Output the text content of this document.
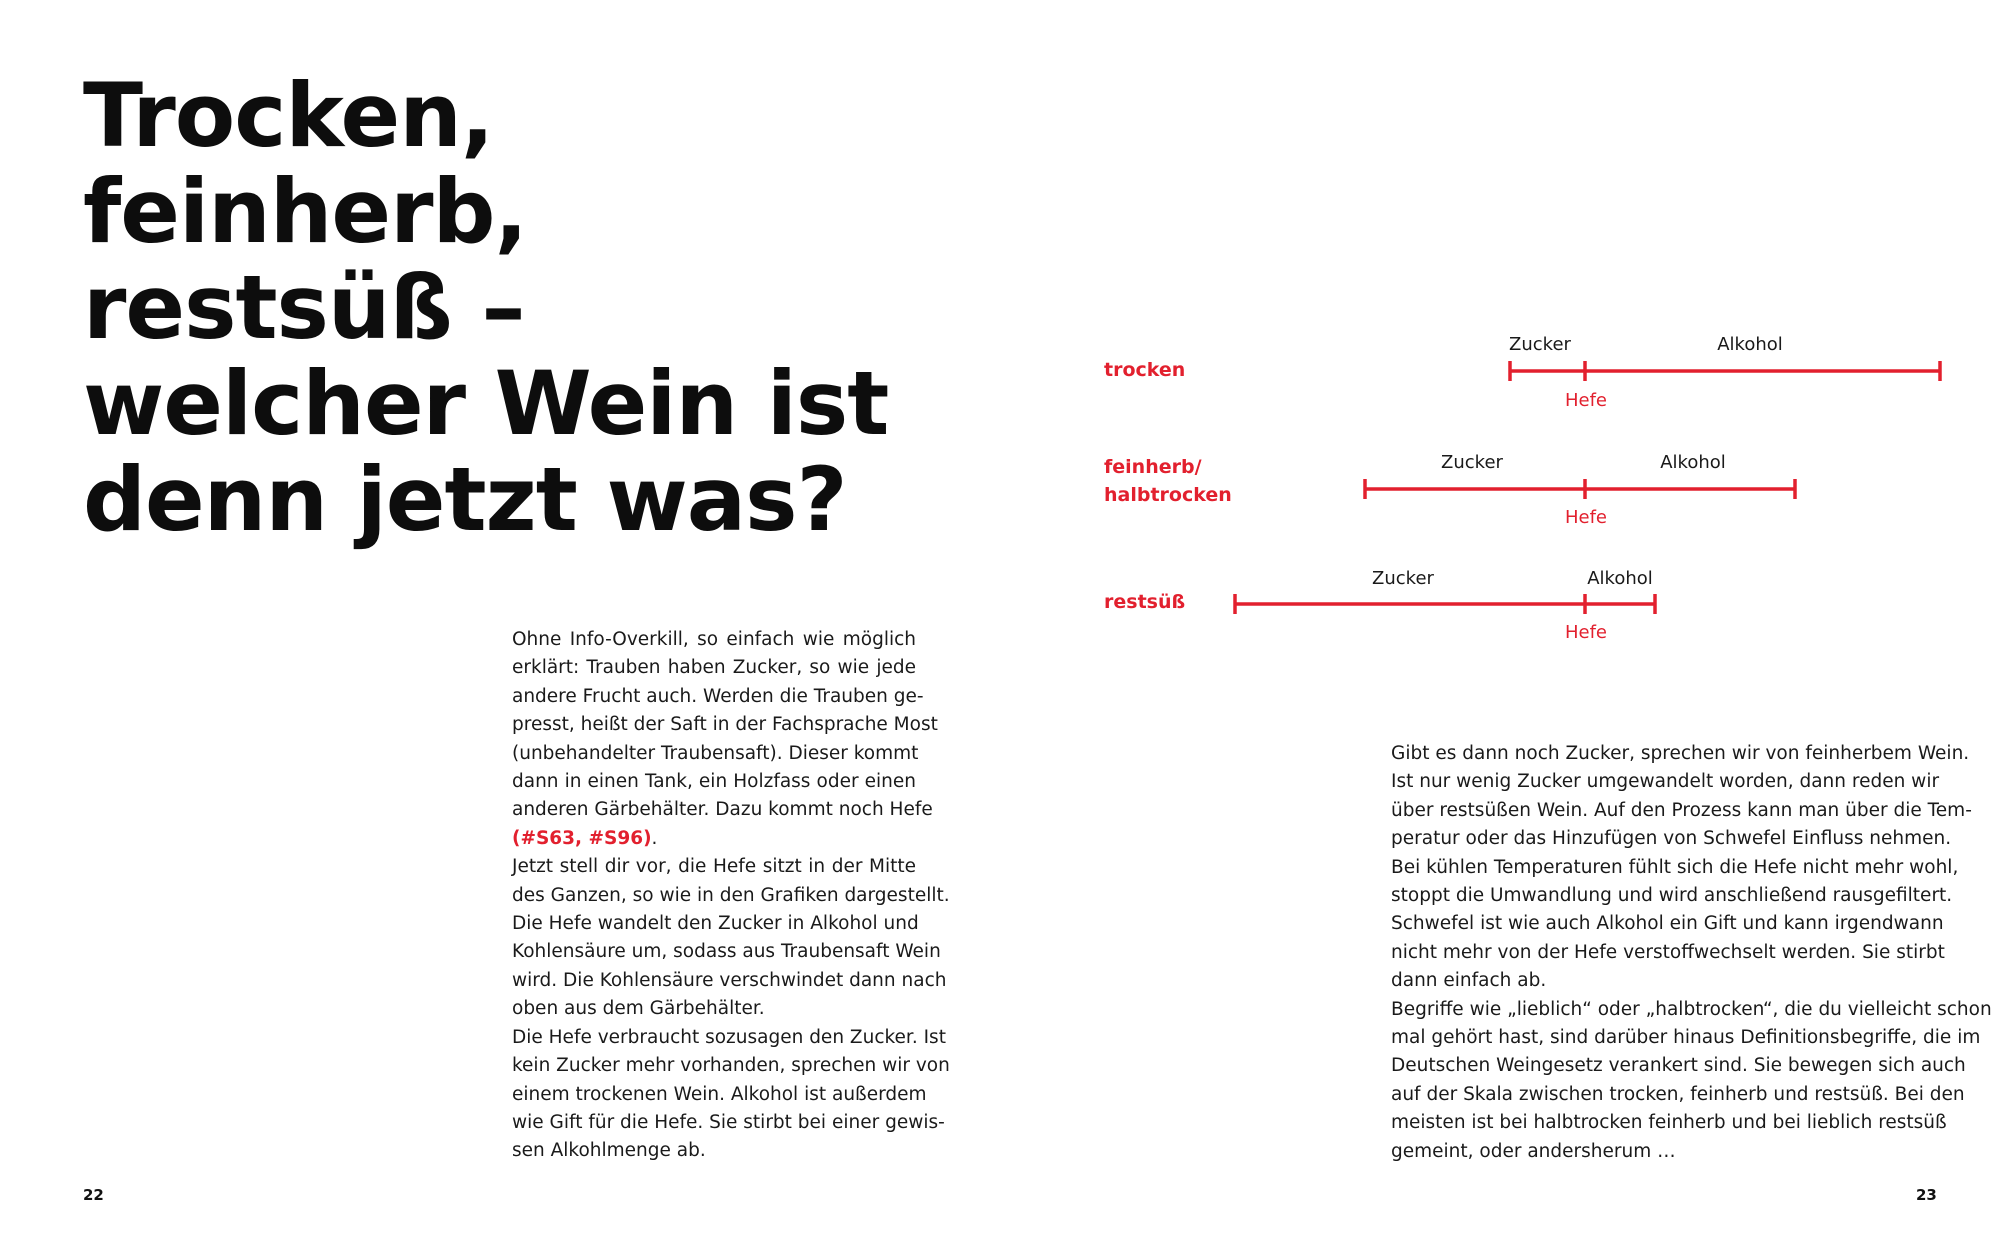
Trocken, feinherb,
restsüß –
welcher Wein ist
denn jetzt was?
trocken
Zucker	Alkohol
Hefe
feinherb/
halbtrocken
Zucker	Alkohol
Hefe
restsüß
Zucker	Alkohol
Hefe

Ohne Info-Overkill, so einfach wie möglich
erklärt: Trauben haben Zucker, so wie jede
andere Frucht auch. Werden die Trauben ge-
presst, heißt der Saft in der Fachsprache Most
(unbehandelter Traubensaft). Dieser kommt
dann in einen Tank, ein Holzfass oder einen
anderen Gärbehälter. Dazu kommt noch Hefe
(#S63, #S96).

Jetzt stell dir vor, die Hefe sitzt in der Mitte
des Ganzen, so wie in den Grafiken dargestellt.
Die Hefe wandelt den Zucker in Alkohol und
Kohlensäure um, sodass aus Traubensaft Wein
wird. Die Kohlensäure verschwindet dann nach
oben aus dem Gärbehälter.

Die Hefe verbraucht sozusagen den Zucker. Ist
kein Zucker mehr vorhanden, sprechen wir von
einem trockenen Wein. Alkohol ist außerdem
wie Gift für die Hefe. Sie stirbt bei einer gewis-
sen Alkohlmenge ab.

Gibt es dann noch Zucker, sprechen wir von feinherbem Wein.
Ist nur wenig Zucker umgewandelt worden, dann reden wir
über restsüßen Wein. Auf den Prozess kann man über die Tem-
peratur oder das Hinzufügen von Schwefel Einfluss nehmen.
Bei kühlen Temperaturen fühlt sich die Hefe nicht mehr wohl,
stoppt die Umwandlung und wird anschließend rausgefiltert.
Schwefel ist wie auch Alkohol ein Gift und kann irgendwann
nicht mehr von der Hefe verstoffwechselt werden. Sie stirbt
dann einfach ab.

Begriffe wie „lieblich“ oder „halbtrocken“, die du vielleicht schon
mal gehört hast, sind darüber hinaus Definitionsbegriffe, die im
Deutschen Weingesetz verankert sind. Sie bewegen sich auch
auf der Skala zwischen trocken, feinherb und restsüß. Bei den
meisten ist bei halbtrocken feinherb und bei lieblich restsüß
gemeint, oder andersherum …

22	23
